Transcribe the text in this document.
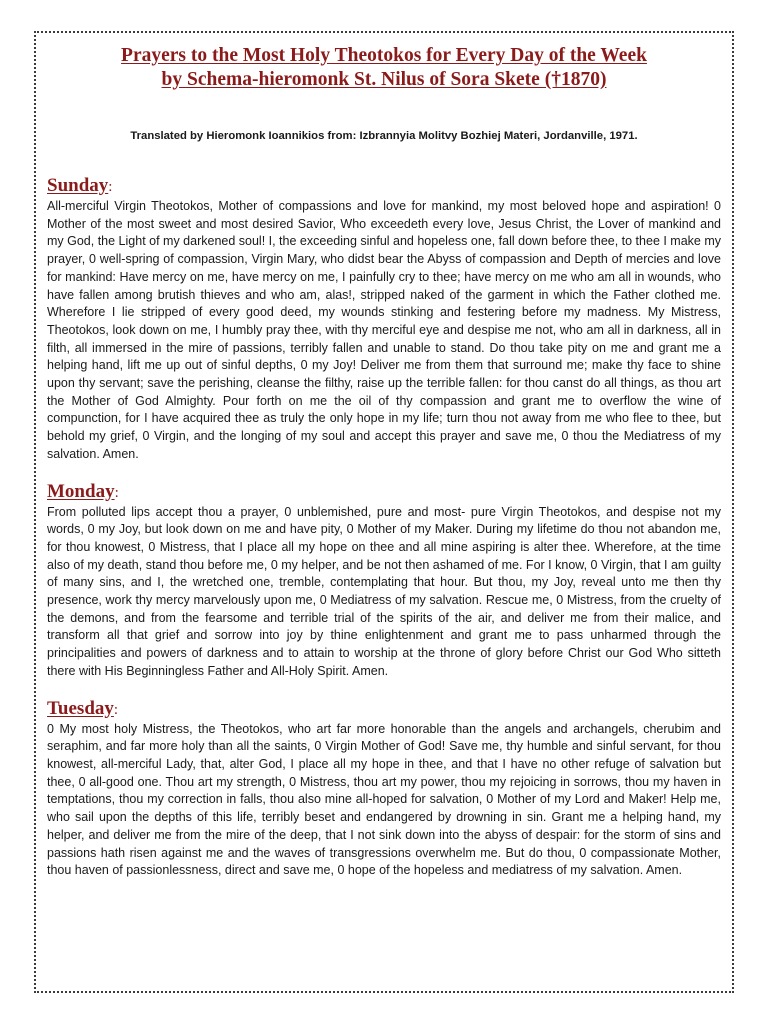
Prayers to the Most Holy Theotokos for Every Day of the Week
by Schema-hieromonk St. Nilus of Sora Skete (†1870)

Translated by Hieromonk Ioannikios from: Izbrannyia Molitvy Bozhiej Materi, Jordanville, 1971.

Sunday:

All-merciful Virgin Theotokos, Mother of compassions and love for mankind, my most beloved hope and aspiration! 0 Mother of the most sweet and most desired Savior, Who exceedeth every love, Jesus Christ, the Lover of mankind and my God, the Light of my darkened soul! I, the exceeding sinful and hopeless one, fall down before thee, to thee I make my prayer, 0 well-spring of compassion, Virgin Mary, who didst bear the Abyss of compassion and Depth of mercies and love for mankind: Have mercy on me, have mercy on me, I painfully cry to thee; have mercy on me who am all in wounds, who have fallen among brutish thieves and who am, alas!, stripped naked of the garment in which the Father clothed me. Wherefore I lie stripped of every good deed, my wounds stinking and festering before my madness. My Mistress, Theotokos, look down on me, I humbly pray thee, with thy merciful eye and despise me not, who am all in darkness, all in filth, all immersed in the mire of passions, terribly fallen and unable to stand. Do thou take pity on me and grant me a helping hand, lift me up out of sinful depths, 0 my Joy! Deliver me from them that surround me; make thy face to shine upon thy servant; save the perishing, cleanse the filthy, raise up the terrible fallen: for thou canst do all things, as thou art the Mother of God Almighty. Pour forth on me the oil of thy compassion and grant me to overflow the wine of compunction, for I have acquired thee as truly the only hope in my life; turn thou not away from me who flee to thee, but behold my grief, 0 Virgin, and the longing of my soul and accept this prayer and save me, 0 thou the Mediatress of my salvation. Amen.

Monday:

From polluted lips accept thou a prayer, 0 unblemished, pure and most- pure Virgin Theotokos, and despise not my words, 0 my Joy, but look down on me and have pity, 0 Mother of my Maker. During my lifetime do thou not abandon me, for thou knowest, 0 Mistress, that I place all my hope on thee and all mine aspiring is alter thee. Wherefore, at the time also of my death, stand thou before me, 0 my helper, and be not then ashamed of me. For I know, 0 Virgin, that I am guilty of many sins, and I, the wretched one, tremble, contemplating that hour. But thou, my Joy, reveal unto me then thy presence, work thy mercy marvelously upon me, 0 Mediatress of my salvation. Rescue me, 0 Mistress, from the cruelty of the demons, and from the fearsome and terrible trial of the spirits of the air, and deliver me from their malice, and transform all that grief and sorrow into joy by thine enlightenment and grant me to pass unharmed through the principalities and powers of darkness and to attain to worship at the throne of glory before Christ our God Who sitteth there with His Beginningless Father and All-Holy Spirit. Amen.

Tuesday:

0 My most holy Mistress, the Theotokos, who art far more honorable than the angels and archangels, cherubim and seraphim, and far more holy than all the saints, 0 Virgin Mother of God! Save me, thy humble and sinful servant, for thou knowest, all-merciful Lady, that, alter God, I place all my hope in thee, and that I have no other refuge of salvation but thee, 0 all-good one. Thou art my strength, 0 Mistress, thou art my power, thou my rejoicing in sorrows, thou my haven in temptations, thou my correction in falls, thou also mine all-hoped for salvation, 0 Mother of my Lord and Maker! Help me, who sail upon the depths of this life, terribly beset and endangered by drowning in sin. Grant me a helping hand, my helper, and deliver me from the mire of the deep, that I not sink down into the abyss of despair: for the storm of sins and passions hath risen against me and the waves of transgressions overwhelm me. But do thou, 0 compassionate Mother, thou haven of passionlessness, direct and save me, 0 hope of the hopeless and mediatress of my salvation. Amen.
